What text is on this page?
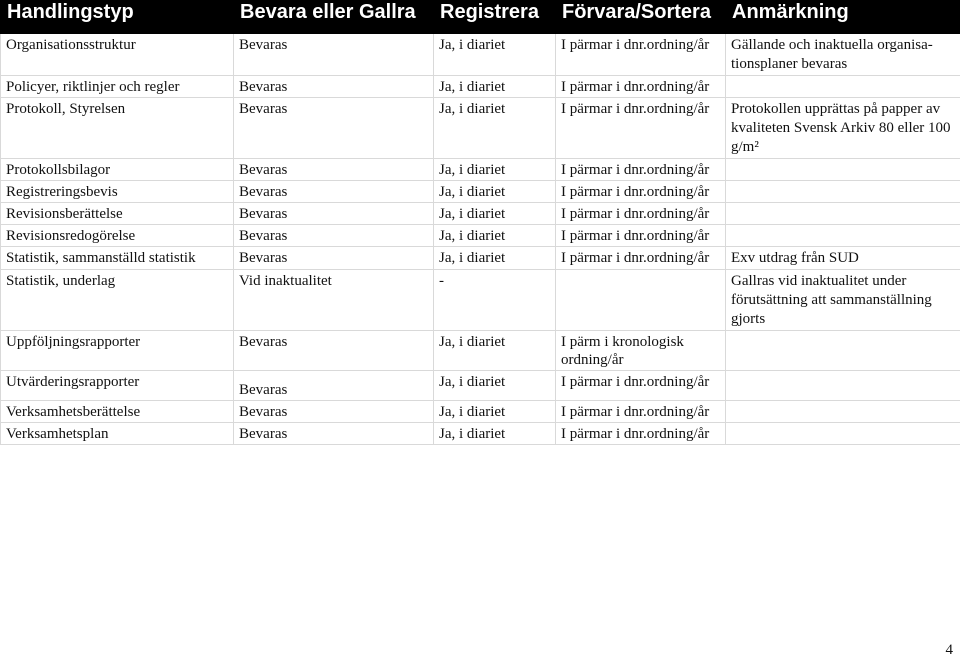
Handlingstyp	Bevara eller Gallra	Registrera	Förvara/Sortera	Anmärkning
Organisationsstruktur	Bevaras	Ja, i diariet	I pärmar i dnr.ordning/år	Gällande och inaktuella organisa-tionsplaner bevaras
Policyer, riktlinjer och regler	Bevaras	Ja, i diariet	I pärmar i dnr.ordning/år	
Protokoll, Styrelsen	Bevaras	Ja, i diariet	I pärmar i dnr.ordning/år	Protokollen upprättas på papper av kvaliteten Svensk Arkiv 80 eller 100 g/m²
Protokollsbilagor	Bevaras	Ja, i diariet	I pärmar i dnr.ordning/år	
Registreringsbevis	Bevaras	Ja, i diariet	I pärmar i dnr.ordning/år	
Revisionsberättelse	Bevaras	Ja, i diariet	I pärmar i dnr.ordning/år	
Revisionsredogörelse	Bevaras	Ja, i diariet	I pärmar i dnr.ordning/år	
Statistik, sammanställd statistik	Bevaras	Ja, i diariet	I pärmar i dnr.ordning/år	Exv utdrag från SUD
Statistik, underlag	Vid inaktualitet	-		Gallras vid inaktualitet under förutsättning att sammanställning gjorts
Uppföljningsrapporter	Bevaras	Ja, i diariet	I pärm i kronologisk ordning/år	
Utvärderingsrapporter	Bevaras	Ja, i diariet	I pärmar i dnr.ordning/år	
Verksamhetsberättelse	Bevaras	Ja, i diariet	I pärmar i dnr.ordning/år	
Verksamhetsplan	Bevaras	Ja, i diariet	I pärmar i dnr.ordning/år	
4
